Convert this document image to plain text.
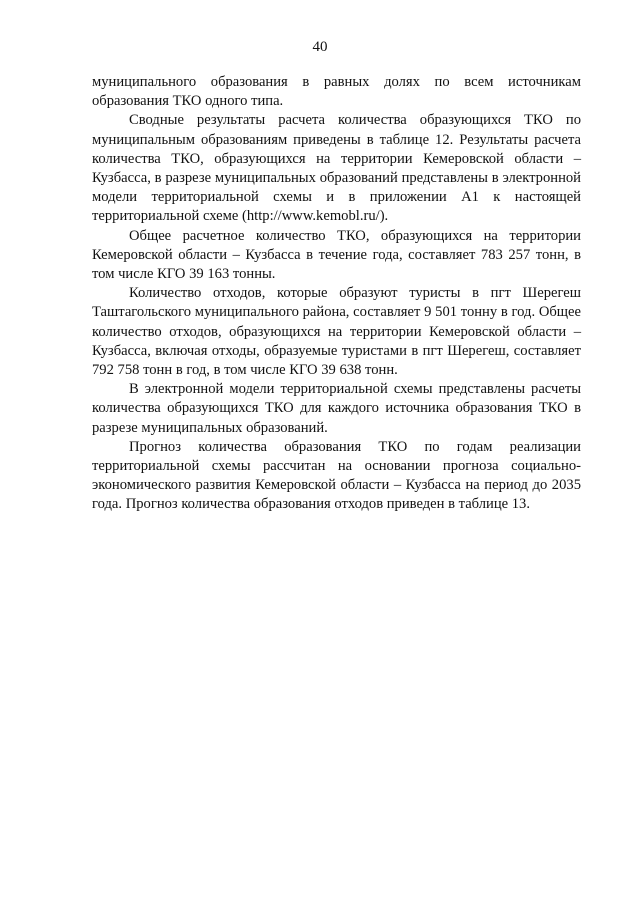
40

муниципального образования в равных долях по всем источникам образования ТКО одного типа.

Сводные результаты расчета количества образующихся ТКО по муниципальным образованиям приведены в таблице 12. Результаты расчета количества ТКО, образующихся на территории Кемеровской области – Кузбасса, в разрезе муниципальных образований представлены в электронной модели территориальной схемы и в приложении А1 к настоящей территориальной схеме (http://www.kemobl.ru/).

Общее расчетное количество ТКО, образующихся на территории Кемеровской области – Кузбасса в течение года, составляет 783 257 тонн, в том числе КГО 39 163 тонны.

Количество отходов, которые образуют туристы в пгт Шерегеш Таштагольского муниципального района, составляет 9 501 тонну в год. Общее количество отходов, образующихся на территории Кемеровской области – Кузбасса, включая отходы, образуемые туристами в пгт Шерегеш, составляет 792 758 тонн в год, в том числе КГО 39 638 тонн.

В электронной модели территориальной схемы представлены расчеты количества образующихся ТКО для каждого источника образования ТКО в разрезе муниципальных образований.

Прогноз количества образования ТКО по годам реализации территориальной схемы рассчитан на основании прогноза социально-экономического развития Кемеровской области – Кузбасса на период до 2035 года. Прогноз количества образования отходов приведен в таблице 13.
